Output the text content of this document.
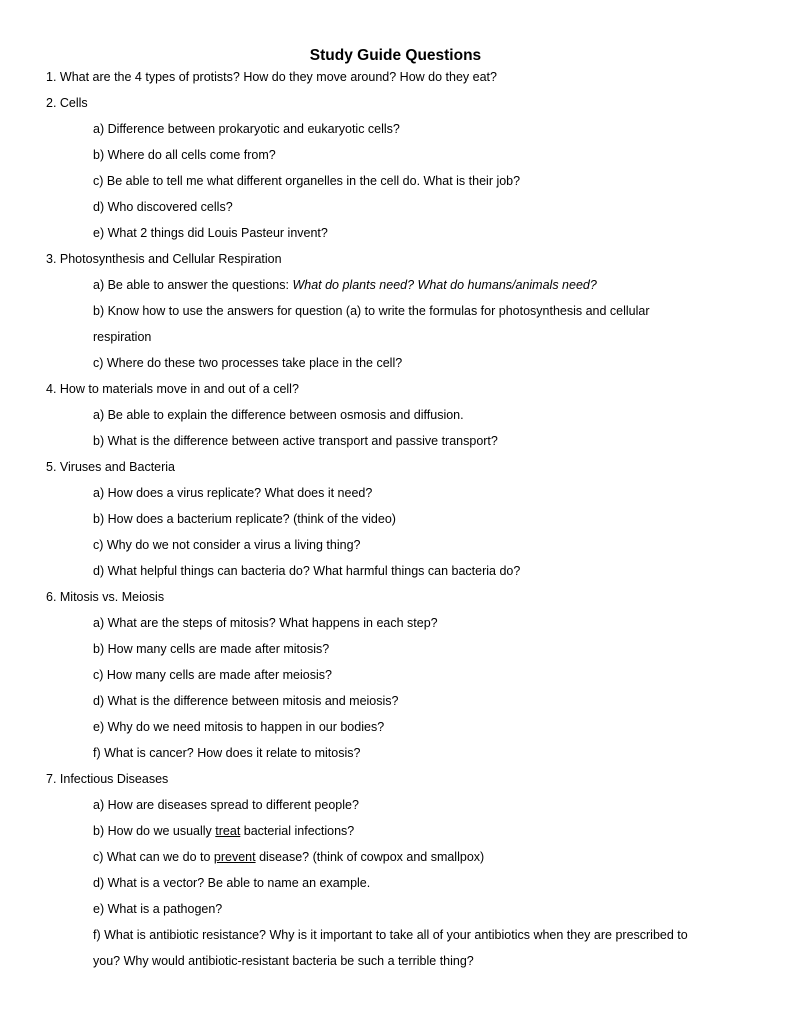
Study Guide Questions
1. What are the 4 types of protists? How do they move around? How do they eat?
2. Cells
a) Difference between prokaryotic and eukaryotic cells?
b) Where do all cells come from?
c) Be able to tell me what different organelles in the cell do. What is their job?
d) Who discovered cells?
e) What 2 things did Louis Pasteur invent?
3. Photosynthesis and Cellular Respiration
a) Be able to answer the questions: What do plants need? What do humans/animals need?
b) Know how to use the answers for question (a) to write the formulas for photosynthesis and cellular
respiration
c) Where do these two processes take place in the cell?
4. How to materials move in and out of a cell?
a) Be able to explain the difference between osmosis and diffusion.
b) What is the difference between active transport and passive transport?
5. Viruses and Bacteria
a) How does a virus replicate? What does it need?
b) How does a bacterium replicate? (think of the video)
c) Why do we not consider a virus a living thing?
d) What helpful things can bacteria do? What harmful things can bacteria do?
6. Mitosis vs. Meiosis
a) What are the steps of mitosis? What happens in each step?
b) How many cells are made after mitosis?
c) How many cells are made after meiosis?
d) What is the difference between mitosis and meiosis?
e) Why do we need mitosis to happen in our bodies?
f) What is cancer? How does it relate to mitosis?
7. Infectious Diseases
a) How are diseases spread to different people?
b) How do we usually treat bacterial infections?
c) What can we do to prevent disease? (think of cowpox and smallpox)
d) What is a vector? Be able to name an example.
e) What is a pathogen?
f) What is antibiotic resistance? Why is it important to take all of your antibiotics when they are prescribed to
you? Why would antibiotic-resistant bacteria be such a terrible thing?
